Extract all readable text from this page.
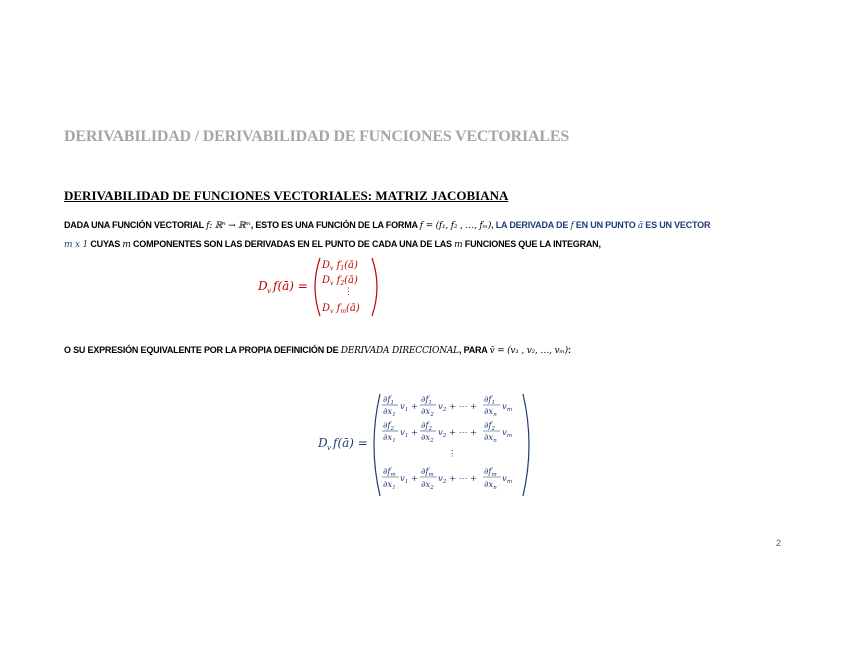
DERIVABILIDAD / DERIVABILIDAD DE FUNCIONES VECTORIALES
DERIVABILIDAD DE FUNCIONES VECTORIALES: MATRIZ JACOBIANA
DADA UNA FUNCIÓN VECTORIAL f: ℝⁿ → ℝᵐ, ESTO ES UNA FUNCIÓN DE LA FORMA f = (f₁, f₂ , …, fₘ), LA DERIVADA DE f EN UN PUNTO ā ES UN VECTOR
m x 1 CUYAS m COMPONENTES SON LAS DERIVADAS EN EL PUNTO DE CADA UNA DE LAS m FUNCIONES QUE LA INTEGRAN,
D v f(ā) =
$D_v$ $f_1(ā)$
$D_v$ $f_2(ā)$
⋮
$D_v$ $f_m(ā)$
O SU EXPRESIÓN EQUIVALENTE POR LA PROPIA DEFINICIÓN DE DERIVADA DIRECCIONAL, PARA v̄ = (v₁ , v₂, …, vₘ):
D v f(ā) =
$\partial f_1$
$\partial x_1$
$v_1$ +
$\partial f_1$
$\partial x_2$
$v_2$ + ⋯ +
$\partial f_1$
$\partial x_n$
$v_m$
$\partial f_2$
$\partial x_1$
$v_1$ +
$\partial f_2$
$\partial x_2$
$v_2$ + ⋯ +
$\partial f_2$
$\partial x_n$
$v_m$
⋮
$\partial f_m$
$\partial x_1$
$v_1$ +
$\partial f_m$
$\partial x_2$
$v_2$ + ⋯ +
$\partial f_m$
$\partial x_n$
$v_m$
2
